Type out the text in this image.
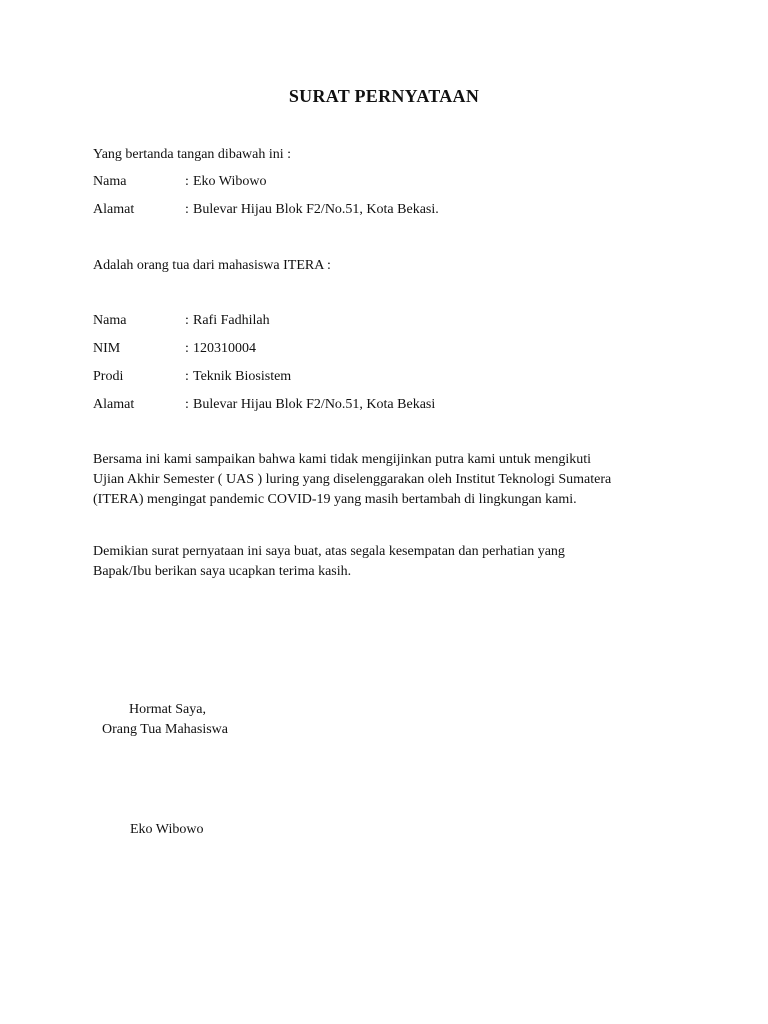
SURAT PERNYATAAN
Yang bertanda tangan dibawah ini :
Nama	: Eko Wibowo
Alamat	: Bulevar Hijau Blok F2/No.51, Kota Bekasi.
Adalah orang tua dari mahasiswa ITERA :
Nama	: Rafi Fadhilah
NIM	: 120310004
Prodi	: Teknik Biosistem
Alamat	: Bulevar Hijau Blok F2/No.51, Kota Bekasi
Bersama ini kami sampaikan bahwa kami tidak mengijinkan putra kami untuk mengikuti
Ujian Akhir Semester ( UAS ) luring yang diselenggarakan oleh Institut Teknologi Sumatera
(ITERA) mengingat pandemic COVID-19 yang masih bertambah di lingkungan kami.
Demikian surat pernyataan ini saya buat, atas segala kesempatan dan perhatian yang
Bapak/Ibu berikan saya ucapkan terima kasih.
Hormat Saya,
Orang Tua Mahasiswa
Eko Wibowo
